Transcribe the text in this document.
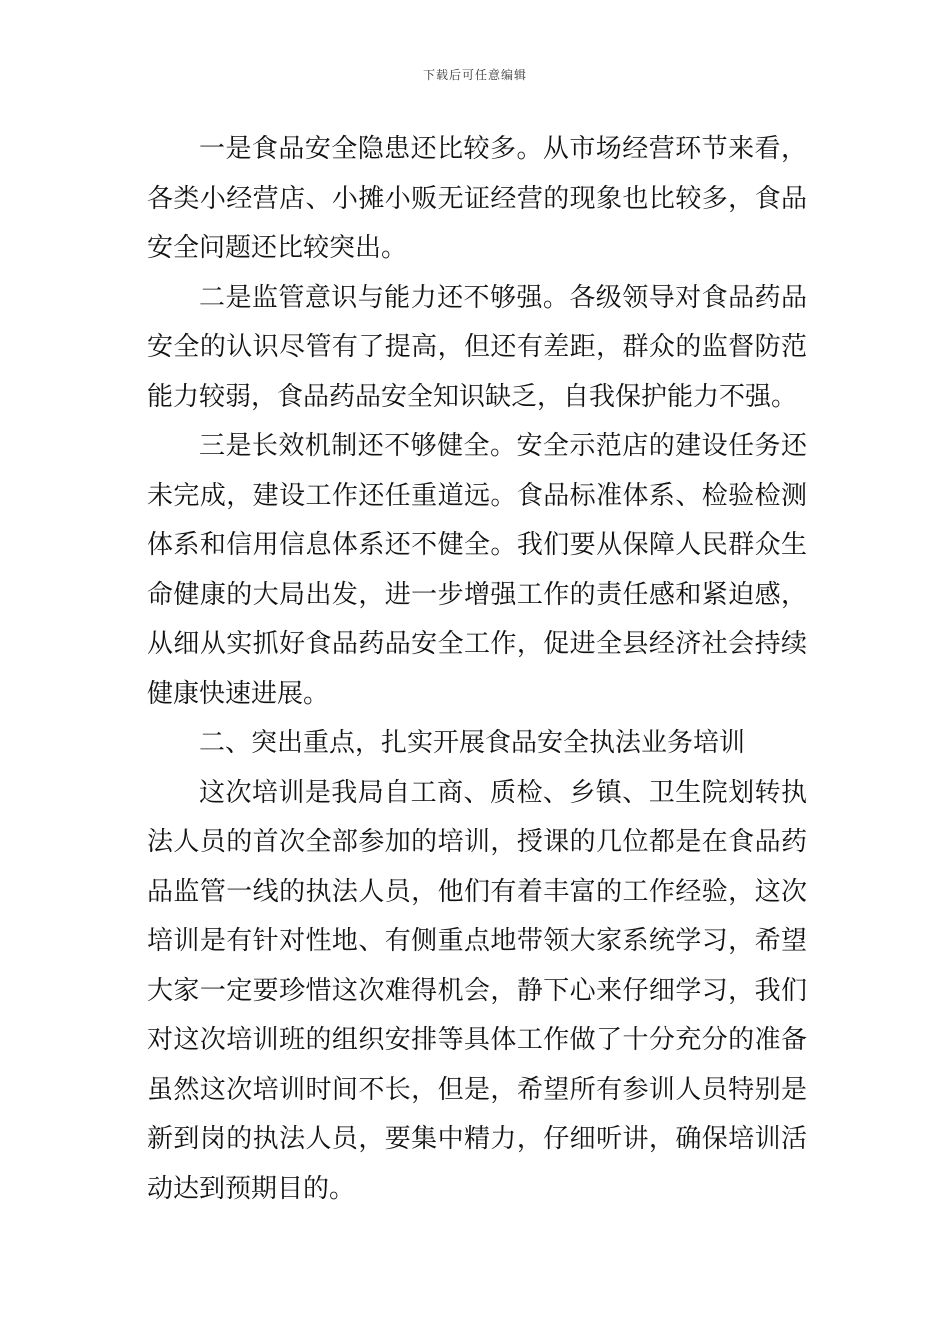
下载后可任意编辑

一是食品安全隐患还比较多。从市场经营环节来看，各类小经营店、小摊小贩无证经营的现象也比较多，食品安全问题还比较突出。

二是监管意识与能力还不够强。各级领导对食品药品安全的认识尽管有了提高，但还有差距，群众的监督防范能力较弱，食品药品安全知识缺乏，自我保护能力不强。

三是长效机制还不够健全。安全示范店的建设任务还未完成，建设工作还任重道远。食品标准体系、检验检测体系和信用信息体系还不健全。我们要从保障人民群众生命健康的大局出发，进一步增强工作的责任感和紧迫感，从细从实抓好食品药品安全工作，促进全县经济社会持续健康快速进展。

二、突出重点，扎实开展食品安全执法业务培训

这次培训是我局自工商、质检、乡镇、卫生院划转执法人员的首次全部参加的培训，授课的几位都是在食品药品监管一线的执法人员，他们有着丰富的工作经验，这次培训是有针对性地、有侧重点地带领大家系统学习，希望大家一定要珍惜这次难得机会，静下心来仔细学习，我们对这次培训班的组织安排等具体工作做了十分充分的准备虽然这次培训时间不长，但是，希望所有参训人员特别是新到岗的执法人员，要集中精力，仔细听讲，确保培训活动达到预期目的。
